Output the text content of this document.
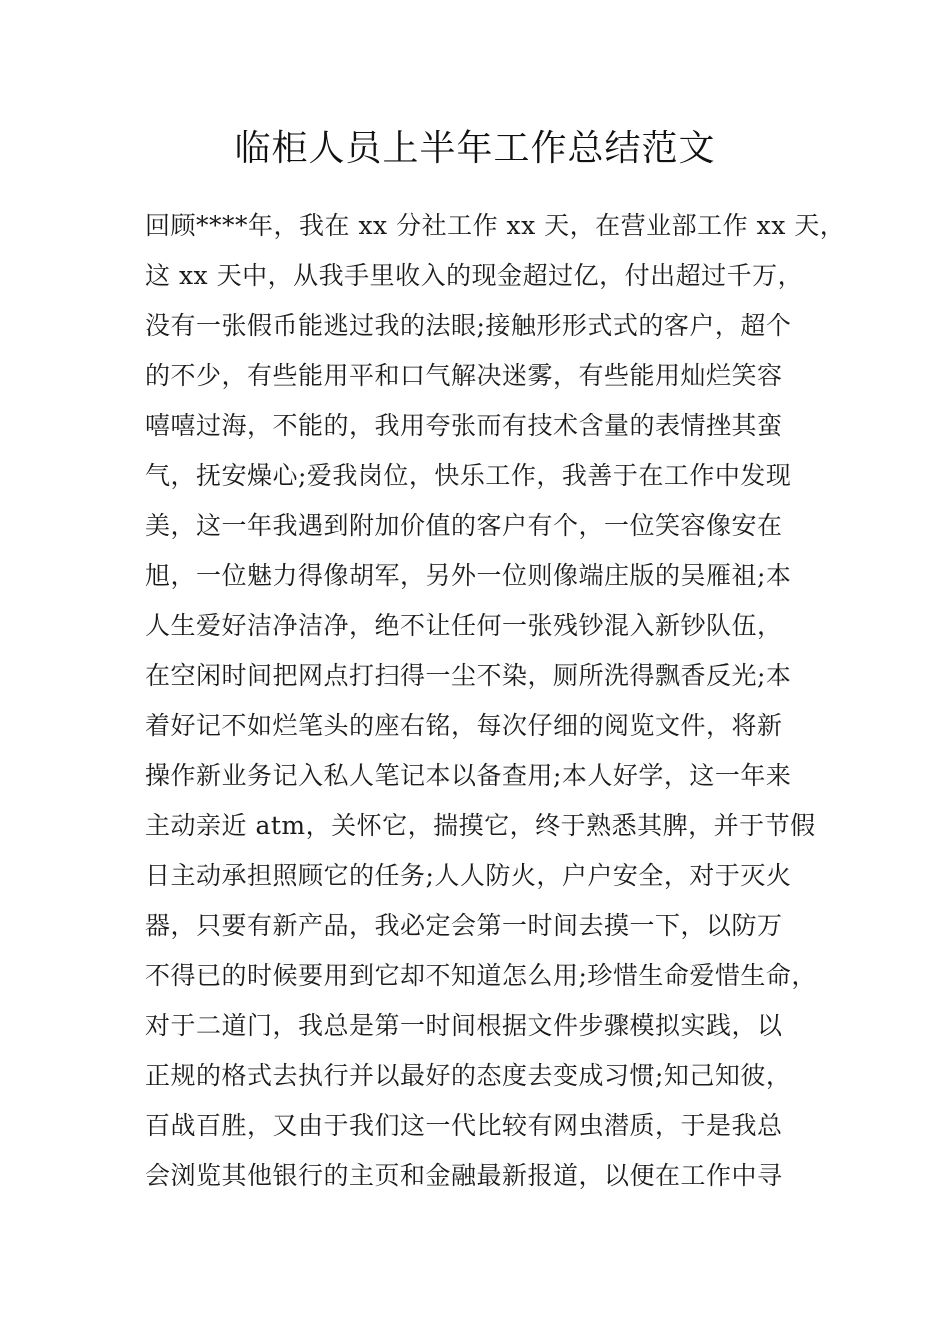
临柜人员上半年工作总结范文
回顾****年，我在 xx 分社工作 xx 天，在营业部工作 xx 天，
这 xx 天中，从我手里收入的现金超过亿，付出超过千万，
没有一张假币能逃过我的法眼;接触形形式式的客户，超个
的不少，有些能用平和口气解决迷雾，有些能用灿烂笑容
嘻嘻过海，不能的，我用夸张而有技术含量的表情挫其蛮
气，抚安燥心;爱我岗位，快乐工作，我善于在工作中发现
美，这一年我遇到附加价值的客户有个，一位笑容像安在
旭，一位魅力得像胡军，另外一位则像端庄版的吴雁祖;本
人生爱好洁净洁净，绝不让任何一张残钞混入新钞队伍，
在空闲时间把网点打扫得一尘不染，厕所洗得飘香反光;本
着好记不如烂笔头的座右铭，每次仔细的阅览文件，将新
操作新业务记入私人笔记本以备查用;本人好学，这一年来
主动亲近 atm，关怀它，揣摸它，终于熟悉其脾，并于节假
日主动承担照顾它的任务;人人防火，户户安全，对于灭火
器，只要有新产品，我必定会第一时间去摸一下，以防万
不得已的时候要用到它却不知道怎么用;珍惜生命爱惜生命，
对于二道门，我总是第一时间根据文件步骤模拟实践，以
正规的格式去执行并以最好的态度去变成习惯;知己知彼，
百战百胜，又由于我们这一代比较有网虫潜质，于是我总
会浏览其他银行的主页和金融最新报道，以便在工作中寻
